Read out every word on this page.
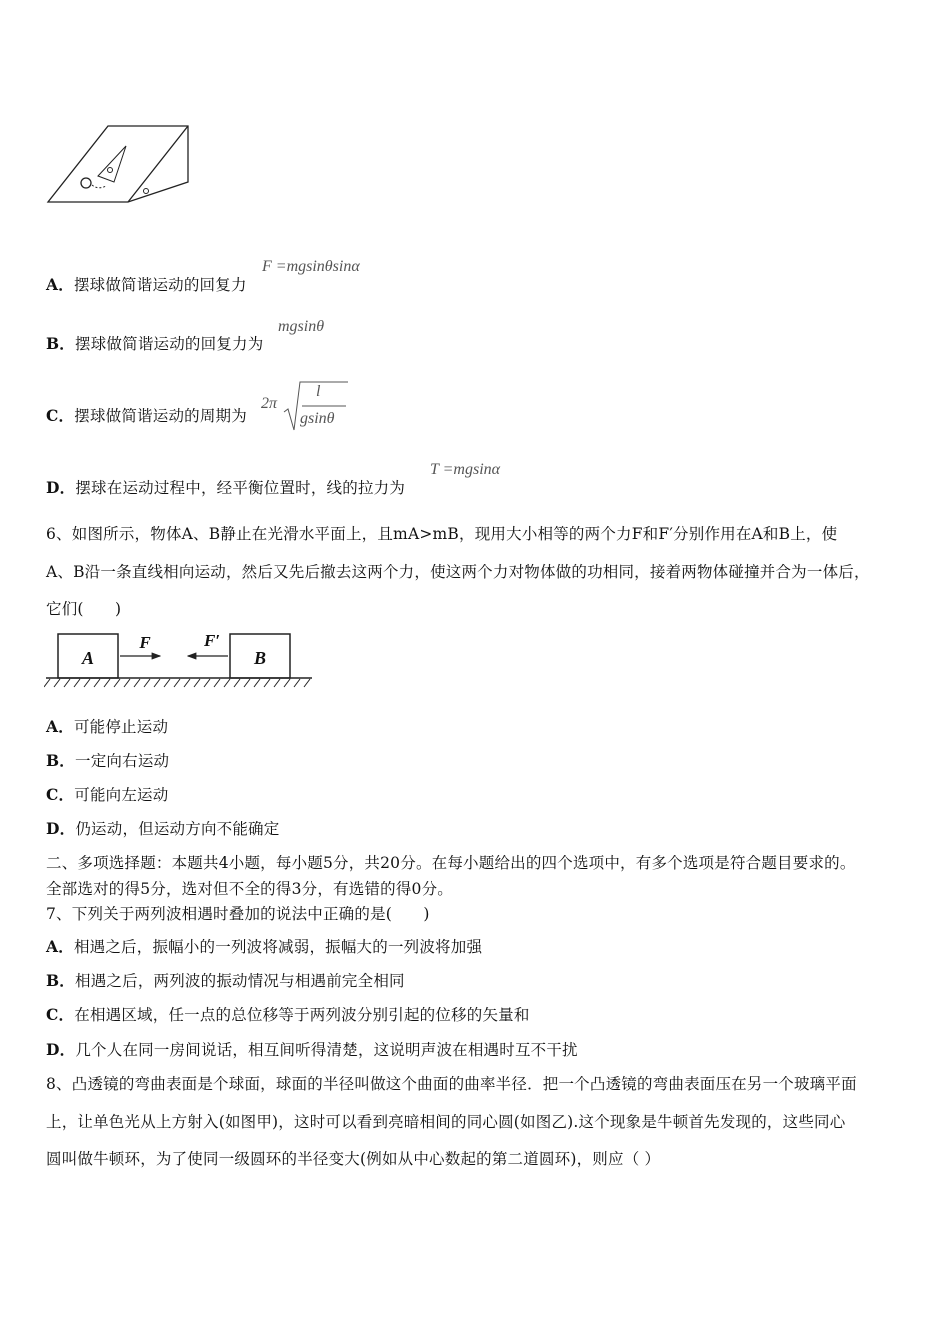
A．摆球做简谐运动的回复力
F =mgsinθsinα
B．摆球做简谐运动的回复力为
mgsinθ
C．摆球做简谐运动的周期为
2π
l
gsinθ
D．摆球在运动过程中，经平衡位置时，线的拉力为
T =mgsinα
6、如图所示，物体A、B静止在光滑水平面上，且mA>mB，现用大小相等的两个力F和F′分别作用在A和B上，使
A、B沿一条直线相向运动，然后又先后撤去这两个力，使这两个力对物体做的功相同，接着两物体碰撞并合为一体后，
它们(　　)
A	B
F	F′
A．可能停止运动
B．一定向右运动
C．可能向左运动
D．仍运动，但运动方向不能确定
二、多项选择题：本题共4小题，每小题5分，共20分。在每小题给出的四个选项中，有多个选项是符合题目要求的。
全部选对的得5分，选对但不全的得3分，有选错的得0分。
7、下列关于两列波相遇时叠加的说法中正确的是(　　)
A．相遇之后，振幅小的一列波将减弱，振幅大的一列波将加强
B．相遇之后，两列波的振动情况与相遇前完全相同
C．在相遇区域，任一点的总位移等于两列波分别引起的位移的矢量和
D．几个人在同一房间说话，相互间听得清楚，这说明声波在相遇时互不干扰
8、凸透镜的弯曲表面是个球面，球面的半径叫做这个曲面的曲率半径．把一个凸透镜的弯曲表面压在另一个玻璃平面
上，让单色光从上方射入(如图甲)，这时可以看到亮暗相间的同心圆(如图乙).这个现象是牛顿首先发现的，这些同心
圆叫做牛顿环，为了使同一级圆环的半径变大(例如从中心数起的第二道圆环)，则应（ ）
